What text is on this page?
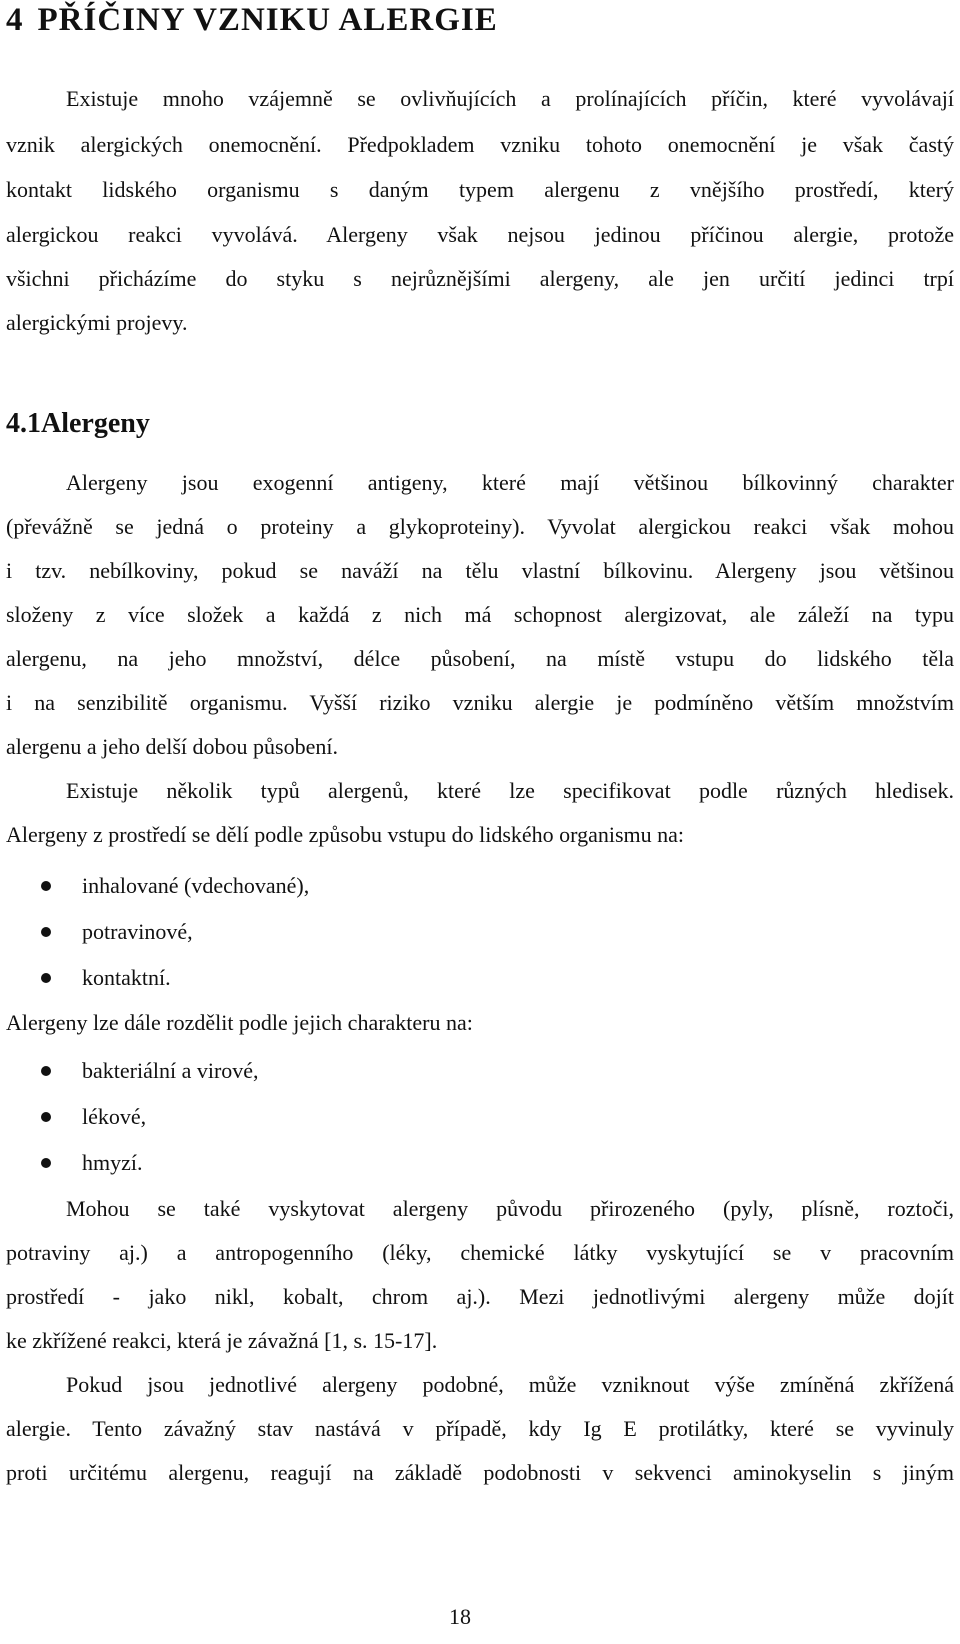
4 PŘÍČINY VZNIKU ALERGIE
Existuje mnoho vzájemně se ovlivňujících a prolínajících příčin, které vyvolávají
vznik alergických onemocnění. Předpokladem vzniku tohoto onemocnění je však častý
kontakt lidského organismu s daným typem alergenu z vnějšího prostředí, který
alergickou reakci vyvolává. Alergeny však nejsou jedinou příčinou alergie, protože
všichni přicházíme do styku s nejrůznějšími alergeny, ale jen určití jedinci trpí
alergickými projevy.
4.1Alergeny
Alergeny jsou exogenní antigeny, které mají většinou bílkovinný charakter
(převážně se jedná o proteiny a glykoproteiny). Vyvolat alergickou reakci však mohou
i tzv. nebílkoviny, pokud se naváží na tělu vlastní bílkovinu. Alergeny jsou většinou
složeny z více složek a každá z nich má schopnost alergizovat, ale záleží na typu
alergenu, na jeho množství, délce působení, na místě vstupu do lidského těla
i na senzibilitě organismu. Vyšší riziko vzniku alergie je podmíněno větším množstvím
alergenu a jeho delší dobou působení.
Existuje několik typů alergenů, které lze specifikovat podle různých hledisek.
Alergeny z prostředí se dělí podle způsobu vstupu do lidského organismu na:
inhalované (vdechované),
potravinové,
kontaktní.
Alergeny lze dále rozdělit podle jejich charakteru na:
bakteriální a virové,
lékové,
hmyzí.
Mohou se také vyskytovat alergeny původu přirozeného (pyly, plísně, roztoči,
potraviny aj.) a antropogenního (léky, chemické látky vyskytující se v pracovním
prostředí - jako nikl, kobalt, chrom aj.). Mezi jednotlivými alergeny může dojít
ke zkřížené reakci, která je závažná [1, s. 15-17].
Pokud jsou jednotlivé alergeny podobné, může vzniknout výše zmíněná zkřížená
alergie. Tento závažný stav nastává v případě, kdy Ig E protilátky, které se vyvinuly
proti určitému alergenu, reagují na základě podobnosti v sekvenci aminokyselin s jiným
18
